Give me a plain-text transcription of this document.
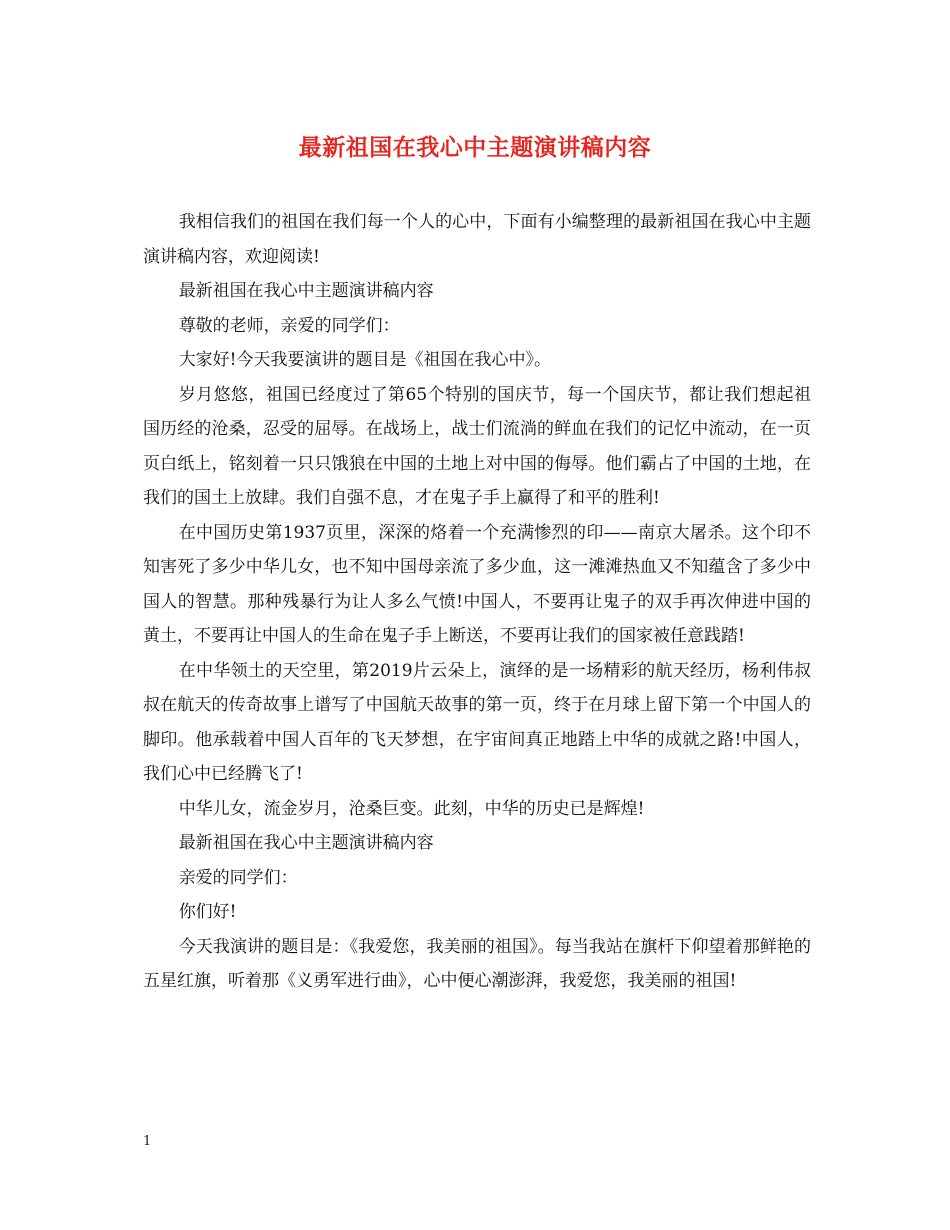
最新祖国在我心中主题演讲稿内容

我相信我们的祖国在我们每一个人的心中，下面有小编整理的最新祖国在我心中主题演讲稿内容，欢迎阅读!

最新祖国在我心中主题演讲稿内容

尊敬的老师，亲爱的同学们：

大家好!今天我要演讲的题目是《祖国在我心中》。

岁月悠悠，祖国已经度过了第65个特别的国庆节，每一个国庆节，都让我们想起祖国历经的沧桑，忍受的屈辱。在战场上，战士们流淌的鲜血在我们的记忆中流动，在一页页白纸上，铭刻着一只只饿狼在中国的土地上对中国的侮辱。他们霸占了中国的土地，在我们的国土上放肆。我们自强不息，才在鬼子手上赢得了和平的胜利!

在中国历史第1937页里，深深的烙着一个充满惨烈的印——南京大屠杀。这个印不知害死了多少中华儿女，也不知中国母亲流了多少血，这一滩滩热血又不知蕴含了多少中国人的智慧。那种残暴行为让人多么气愤!中国人，不要再让鬼子的双手再次伸进中国的黄土，不要再让中国人的生命在鬼子手上断送，不要再让我们的国家被任意践踏!

在中华领土的天空里，第2019片云朵上，演绎的是一场精彩的航天经历，杨利伟叔叔在航天的传奇故事上谱写了中国航天故事的第一页，终于在月球上留下第一个中国人的脚印。他承载着中国人百年的飞天梦想，在宇宙间真正地踏上中华的成就之路!中国人，我们心中已经腾飞了!

中华儿女，流金岁月，沧桑巨变。此刻，中华的历史已是辉煌!

最新祖国在我心中主题演讲稿内容

亲爱的同学们：

你们好!

今天我演讲的题目是：《我爱您，我美丽的祖国》。每当我站在旗杆下仰望着那鲜艳的五星红旗，听着那《义勇军进行曲》，心中便心潮澎湃，我爱您，我美丽的祖国!

1
